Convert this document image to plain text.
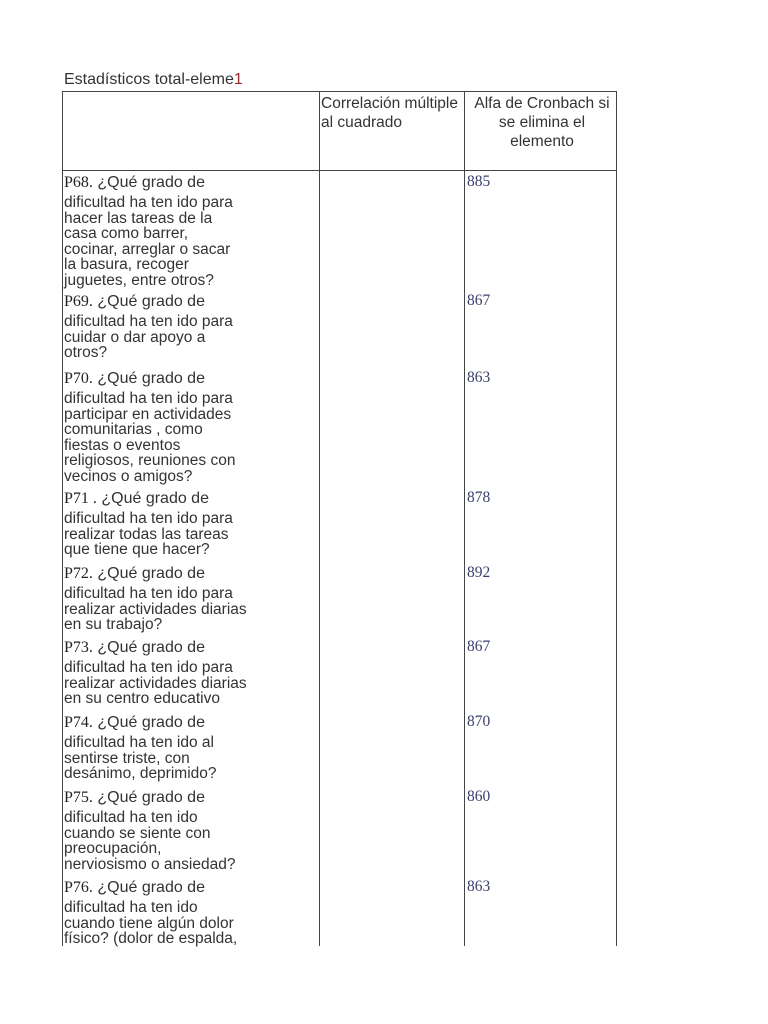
Estadísticos total-eleme1
Correlación múltiple
al cuadrado
Alfa de Cronbach si
se elimina el
elemento
P68. ¿Qué grado de
dificultad ha ten ido para
hacer las tareas de la
casa como barrer,
cocinar, arreglar o sacar
la basura, recoger
juguetes, entre otros?
885
P69. ¿Qué grado de
dificultad ha ten ido para
cuidar o dar apoyo a
otros?
867
P70. ¿Qué grado de
dificultad ha ten ido para
participar en actividades
comunitarias , como
fiestas o eventos
religiosos, reuniones con
vecinos o amigos?
863
P71 . ¿Qué grado de
dificultad ha ten ido para
realizar todas las tareas
que tiene que hacer?
878
P72. ¿Qué grado de
dificultad ha ten ido para
realizar actividades diarias
en su trabajo?
892
P73. ¿Qué grado de
dificultad ha ten ido para
realizar actividades diarias
en su centro educativo
867
P74. ¿Qué grado de
dificultad ha ten ido al
sentirse triste, con
desánimo, deprimido?
870
P75. ¿Qué grado de
dificultad ha ten ido
cuando se siente con
preocupación,
nerviosismo o ansiedad?
860
P76. ¿Qué grado de
dificultad ha ten ido
cuando tiene algún dolor
físico? (dolor de espalda,
863
